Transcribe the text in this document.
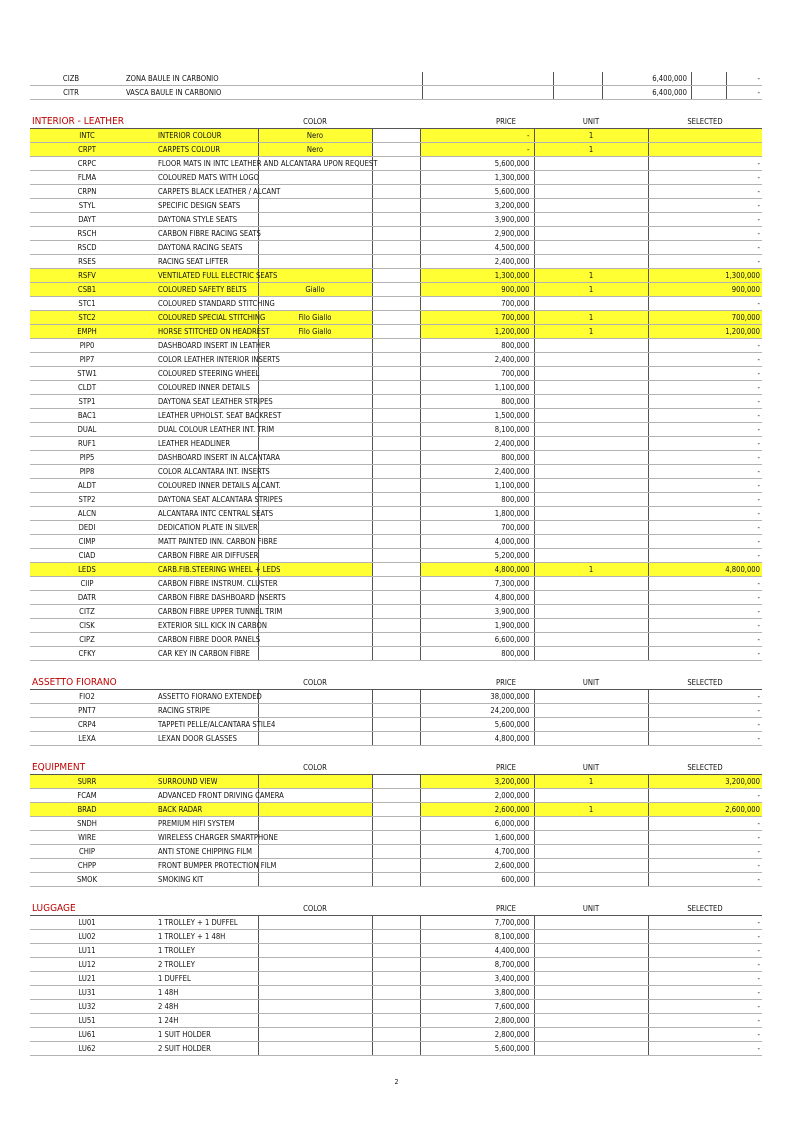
CIZB	ZONA BAULE IN CARBONIO			6,400,000		-
CITR	VASCA BAULE IN CARBONIO			6,400,000		-
INTERIOR - LEATHER		COLOR		PRICE	UNIT	SELECTED
INTC	INTERIOR COLOUR	Nero		-	1	
CRPT	CARPETS COLOUR	Nero		-	1	
CRPC	FLOOR MATS IN INTC LEATHER AND ALCANTARA UPON REQUEST			5,600,000		-
FLMA	COLOURED MATS WITH LOGO			1,300,000		-
CRPN	CARPETS BLACK LEATHER / ALCANT			5,600,000		-
STYL	SPECIFIC DESIGN SEATS			3,200,000		-
DAYT	DAYTONA STYLE SEATS			3,900,000		-
RSCH	CARBON FIBRE RACING SEATS			2,900,000		-
RSCD	DAYTONA RACING SEATS			4,500,000		-
RSES	RACING SEAT LIFTER			2,400,000		-
RSFV	VENTILATED FULL ELECTRIC SEATS			1,300,000	1	1,300,000
CSB1	COLOURED SAFETY BELTS	Giallo		900,000	1	900,000
STC1	COLOURED STANDARD STITCHING			700,000		-
STC2	COLOURED SPECIAL STITCHING	Filo Giallo		700,000	1	700,000
EMPH	HORSE STITCHED ON HEADREST	Filo Giallo		1,200,000	1	1,200,000
PIP0	DASHBOARD INSERT IN LEATHER			800,000		-
PIP7	COLOR LEATHER INTERIOR INSERTS			2,400,000		-
STW1	COLOURED STEERING WHEEL			700,000		-
CLDT	COLOURED INNER DETAILS			1,100,000		-
STP1	DAYTONA SEAT LEATHER STRIPES			800,000		-
BAC1	LEATHER UPHOLST. SEAT BACKREST			1,500,000		-
DUAL	DUAL COLOUR LEATHER INT. TRIM			8,100,000		-
RUF1	LEATHER HEADLINER			2,400,000		-
PIP5	DASHBOARD INSERT IN ALCANTARA			800,000		-
PIP8	COLOR ALCANTARA INT. INSERTS			2,400,000		-
ALDT	COLOURED INNER DETAILS ALCANT.			1,100,000		-
STP2	DAYTONA SEAT ALCANTARA STRIPES			800,000		-
ALCN	ALCANTARA INTC CENTRAL SEATS			1,800,000		-
DEDI	DEDICATION PLATE IN SILVER			700,000		-
CIMP	MATT PAINTED INN. CARBON FIBRE			4,000,000		-
CIAD	CARBON FIBRE AIR DIFFUSER			5,200,000		-
LEDS	CARB.FIB.STEERING WHEEL + LEDS			4,800,000	1	4,800,000
CIIP	CARBON FIBRE INSTRUM. CLUSTER			7,300,000		-
DATR	CARBON FIBRE DASHBOARD INSERTS			4,800,000		-
CITZ	CARBON FIBRE UPPER TUNNEL TRIM			3,900,000		-
CISK	EXTERIOR SILL KICK IN CARBON			1,900,000		-
CIPZ	CARBON FIBRE DOOR PANELS			6,600,000		-
CFKY	CAR KEY IN CARBON FIBRE			800,000		-
ASSETTO FIORANO		COLOR		PRICE	UNIT	SELECTED
FIO2	ASSETTO FIORANO EXTENDED			38,000,000		-
PNT7	RACING STRIPE			24,200,000		-
CRP4	TAPPETI PELLE/ALCANTARA STILE4			5,600,000		-
LEXA	LEXAN DOOR GLASSES			4,800,000		-
EQUIPMENT		COLOR		PRICE	UNIT	SELECTED
SURR	SURROUND VIEW			3,200,000	1	3,200,000
FCAM	ADVANCED FRONT DRIVING CAMERA			2,000,000		-
BRAD	BACK RADAR			2,600,000	1	2,600,000
SNDH	PREMIUM HIFI SYSTEM			6,000,000		-
WIRE	WIRELESS CHARGER SMARTPHONE			1,600,000		-
CHIP	ANTI STONE CHIPPING FILM			4,700,000		-
CHPP	FRONT BUMPER PROTECTION FILM			2,600,000		-
SMOK	SMOKING KIT			600,000		-
LUGGAGE		COLOR		PRICE	UNIT	SELECTED
LU01	1 TROLLEY + 1 DUFFEL			7,700,000		-
LU02	1 TROLLEY + 1 48H			8,100,000		-
LU11	1 TROLLEY			4,400,000		-
LU12	2 TROLLEY			8,700,000		-
LU21	1 DUFFEL			3,400,000		-
LU31	1 48H			3,800,000		-
LU32	2 48H			7,600,000		-
LU51	1 24H			2,800,000		-
LU61	1 SUIT HOLDER			2,800,000		-
LU62	2 SUIT HOLDER			5,600,000		-
2
